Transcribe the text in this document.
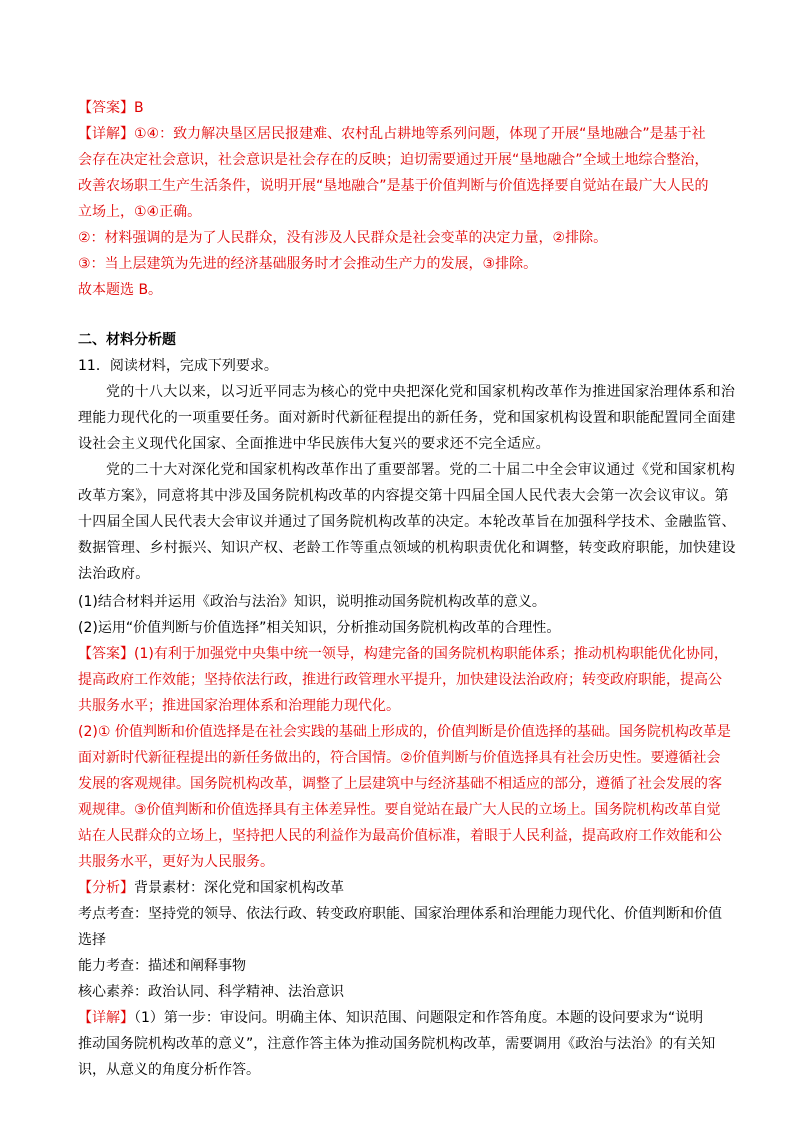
【答案】B
【详解】①④：致力解决垦区居民报建难、农村乱占耕地等系列问题，体现了开展“垦地融合”是基于社
会存在决定社会意识，社会意识是社会存在的反映；迫切需要通过开展“垦地融合”全域土地综合整治，
改善农场职工生产生活条件，说明开展“垦地融合”是基于价值判断与价值选择要自觉站在最广大人民的
立场上，①④正确。
②：材料强调的是为了人民群众，没有涉及人民群众是社会变革的决定力量，②排除。
③：当上层建筑为先进的经济基础服务时才会推动生产力的发展，③排除。
故本题选 B。
二、材料分析题
11．阅读材料，完成下列要求。
党的十八大以来，以习近平同志为核心的党中央把深化党和国家机构改革作为推进国家治理体系和治
理能力现代化的一项重要任务。面对新时代新征程提出的新任务，党和国家机构设置和职能配置同全面建
设社会主义现代化国家、全面推进中华民族伟大复兴的要求还不完全适应。
党的二十大对深化党和国家机构改革作出了重要部署。党的二十届二中全会审议通过《党和国家机构
改革方案》，同意将其中涉及国务院机构改革的内容提交第十四届全国人民代表大会第一次会议审议。第
十四届全国人民代表大会审议并通过了国务院机构改革的决定。本轮改革旨在加强科学技术、金融监管、
数据管理、乡村振兴、知识产权、老龄工作等重点领域的机构职责优化和调整，转变政府职能，加快建设
法治政府。
(1)结合材料并运用《政治与法治》知识，说明推动国务院机构改革的意义。
(2)运用“价值判断与价值选择”相关知识，分析推动国务院机构改革的合理性。
【答案】(1)有利于加强党中央集中统一领导，构建完备的国务院机构职能体系；推动机构职能优化协同，
提高政府工作效能；坚持依法行政，推进行政管理水平提升，加快建设法治政府；转变政府职能，提高公
共服务水平；推进国家治理体系和治理能力现代化。
(2)① 价值判断和价值选择是在社会实践的基础上形成的，价值判断是价值选择的基础。国务院机构改革是
面对新时代新征程提出的新任务做出的，符合国情。②价值判断与价值选择具有社会历史性。要遵循社会
发展的客观规律。国务院机构改革，调整了上层建筑中与经济基础不相适应的部分，遵循了社会发展的客
观规律。③价值判断和价值选择具有主体差异性。要自觉站在最广大人民的立场上。国务院机构改革自觉
站在人民群众的立场上，坚持把人民的利益作为最高价值标准，着眼于人民利益，提高政府工作效能和公
共服务水平，更好为人民服务。
【分析】背景素材：深化党和国家机构改革
考点考查：坚持党的领导、依法行政、转变政府职能、国家治理体系和治理能力现代化、价值判断和价值
选择
能力考查：描述和阐释事物
核心素养：政治认同、科学精神、法治意识
【详解】（1）第一步：审设问。明确主体、知识范围、问题限定和作答角度。本题的设问要求为“说明
推动国务院机构改革的意义”，注意作答主体为推动国务院机构改革，需要调用《政治与法治》的有关知
识，从意义的角度分析作答。
